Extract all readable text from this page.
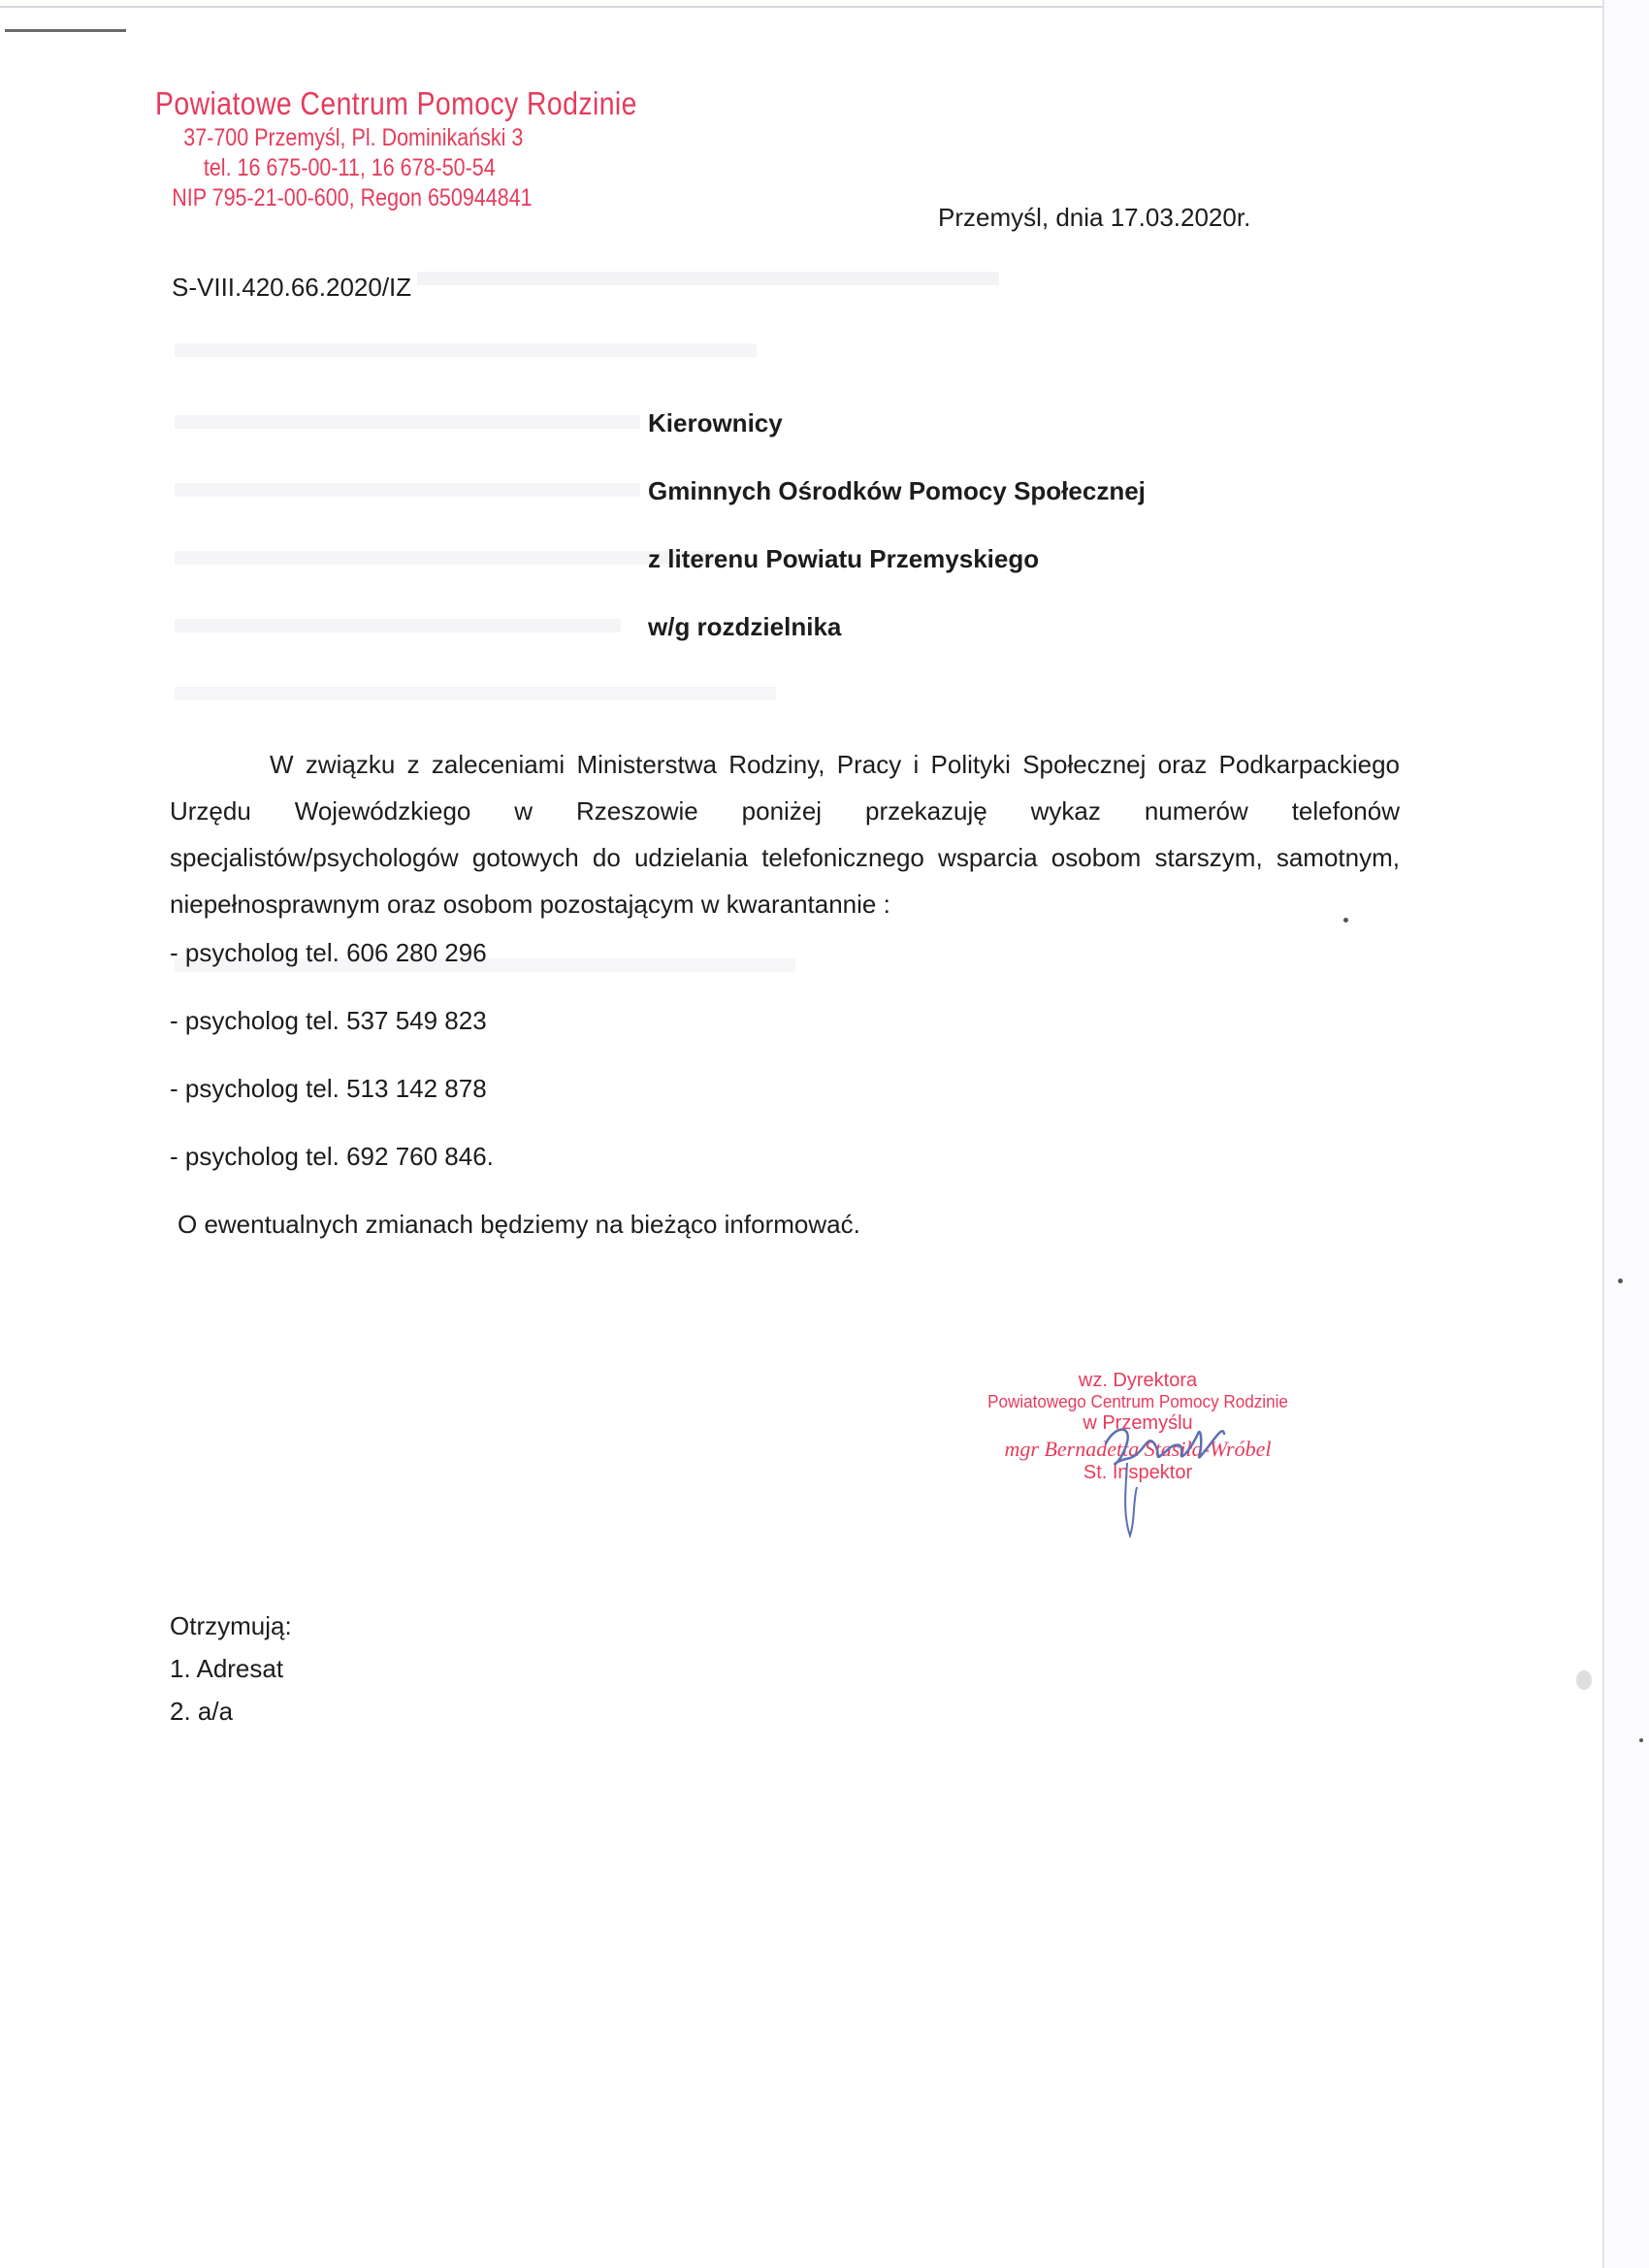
Powiatowe Centrum Pomocy Rodzinie
37-700 Przemyśl, Pl. Dominikański 3
tel. 16 675-00-11, 16 678-50-54
NIP 795-21-00-600, Regon 650944841
Przemyśl, dnia 17.03.2020r.
S-VIII.420.66.2020/IZ
Kierownicy
Gminnych Ośrodków Pomocy Społecznej
z literenu Powiatu Przemyskiego
w/g rozdzielnika
W związku z zaleceniami Ministerstwa Rodziny, Pracy i Polityki Społecznej oraz Podkarpackiego Urzędu Wojewódzkiego w Rzeszowie poniżej przekazuję wykaz numerów telefonów specjalistów/psychologów gotowych do udzielania telefonicznego wsparcia osobom starszym, samotnym, niepełnosprawnym oraz osobom pozostającym w kwarantannie :
- psycholog tel. 606 280 296
- psycholog tel. 537 549 823
- psycholog tel. 513 142 878
- psycholog tel. 692 760 846.
O ewentualnych zmianach będziemy na bieżąco informować.
wz. Dyrektora
Powiatowego Centrum Pomocy Rodzinie
w Przemyślu
mgr Bernadetta Stasiła-Wróbel
St. Inspektor
Otrzymują:
1. Adresat
2. a/a
